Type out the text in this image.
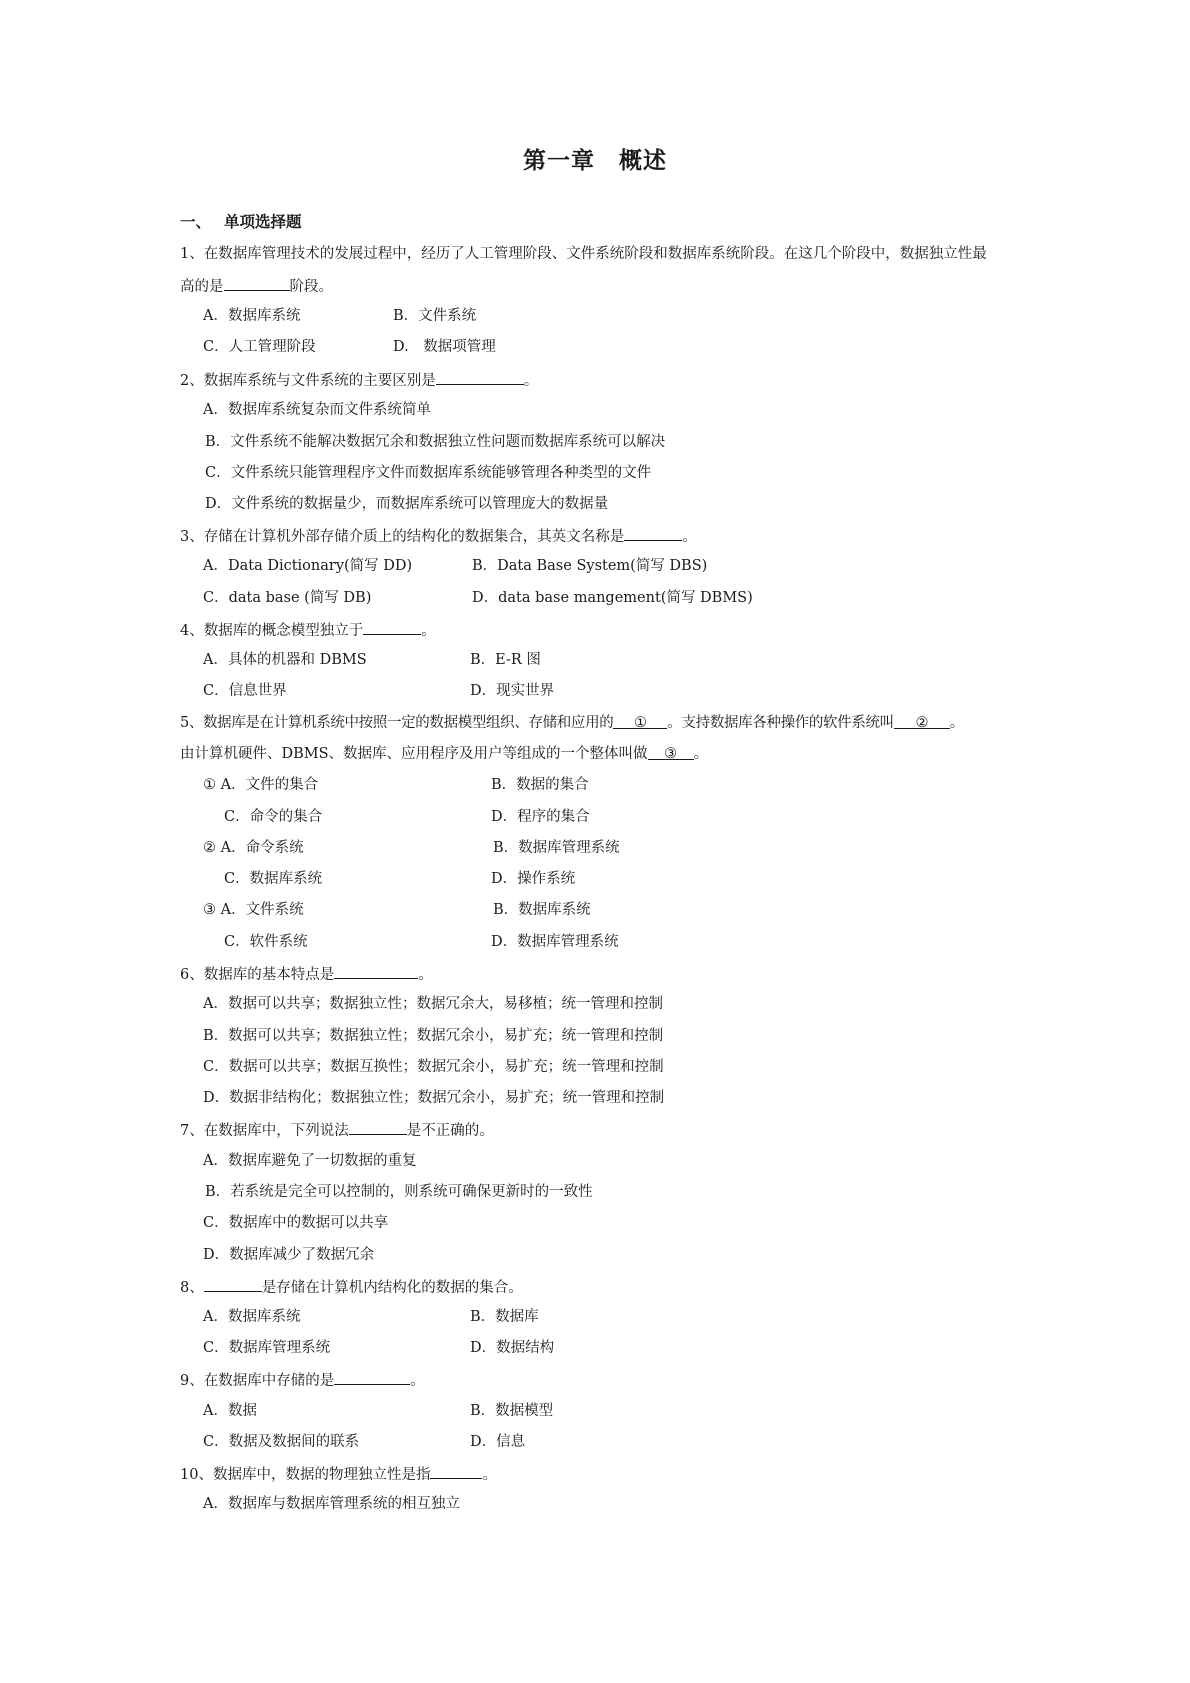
第一章　概述
一、 单项选择题
1、在数据库管理技术的发展过程中，经历了人工管理阶段、文件系统阶段和数据库系统阶段。在这几个阶段中，数据独立性最
高的是	阶段。
A．数据库系统	B．文件系统
C．人工管理阶段	D.　数据项管理
2、数据库系统与文件系统的主要区别是	。
A．数据库系统复杂而文件系统简单
B．文件系统不能解决数据冗余和数据独立性问题而数据库系统可以解决
C．文件系统只能管理程序文件而数据库系统能够管理各种类型的文件
D．文件系统的数据量少，而数据库系统可以管理庞大的数据量
3、存储在计算机外部存储介质上的结构化的数据集合，其英文名称是	。
A．Data Dictionary(简写 DD)	B．Data Base System(简写 DBS)
C．data base (简写 DB)	D．data base mangement(简写 DBMS)
4、数据库的概念模型独立于	。
A．具体的机器和 DBMS	B．E-R 图
C．信息世界	D．现实世界
5、数据库是在计算机系统中按照一定的数据模型组织、存储和应用的 ① 。支持数据库各种操作的软件系统叫 ② 。
由计算机硬件、DBMS、数据库、应用程序及用户等组成的一个整体叫做 ③ 。
① A．文件的集合	B．数据的集合
C．命令的集合	D．程序的集合
② A．命令系统	B．数据库管理系统
C．数据库系统	D．操作系统
③ A．文件系统	B．数据库系统
C．软件系统	D．数据库管理系统
6、数据库的基本特点是	。
A．数据可以共享；数据独立性；数据冗余大，易移植；统一管理和控制
B．数据可以共享；数据独立性；数据冗余小，易扩充；统一管理和控制
C．数据可以共享；数据互换性；数据冗余小，易扩充；统一管理和控制
D．数据非结构化；数据独立性；数据冗余小，易扩充；统一管理和控制
7、在数据库中，下列说法	是不正确的。
A．数据库避免了一切数据的重复
B．若系统是完全可以控制的，则系统可确保更新时的一致性
C．数据库中的数据可以共享
D．数据库减少了数据冗余
8、	是存储在计算机内结构化的数据的集合。
A．数据库系统	B．数据库
C．数据库管理系统	D．数据结构
9、在数据库中存储的是	。
A．数据	B．数据模型
C．数据及数据间的联系	D．信息
10、数据库中，数据的物理独立性是指	。
A．数据库与数据库管理系统的相互独立
